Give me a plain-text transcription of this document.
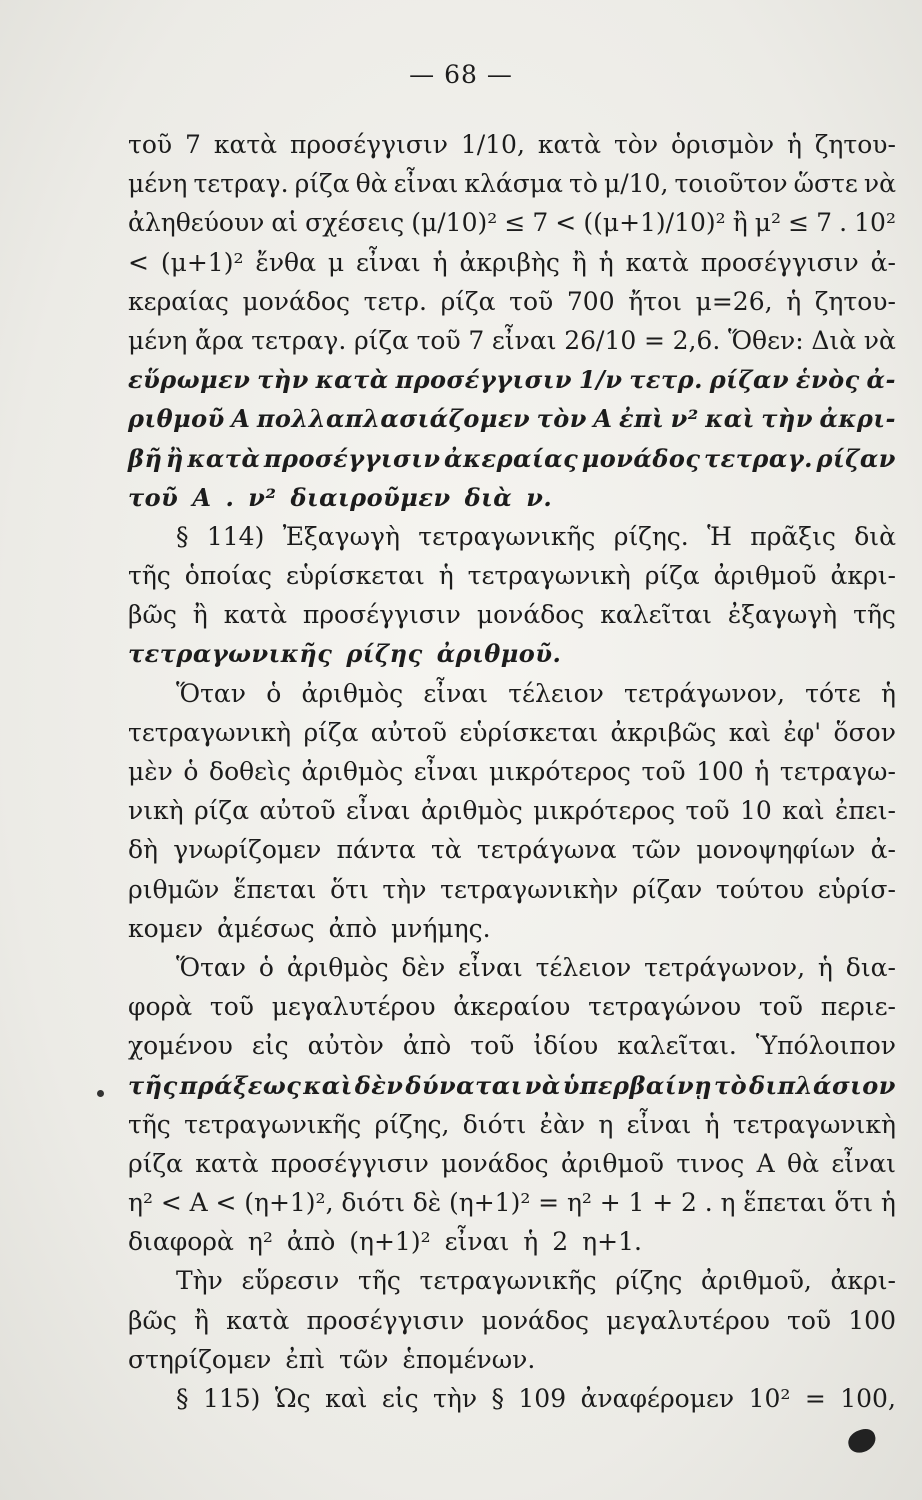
— 68 —
τοῦ 7 κατὰ προσέγγισιν 1/10, κατὰ τὸν ὁρισμὸν ἡ ζητου-
μένη τετραγ. ρίζα θὰ εἶναι κλάσμα τὸ μ/10, τοιοῦτον ὥστε νὰ
ἀληθεύουν αἱ σχέσεις (μ/10)² ≤ 7 < ((μ+1)/10)² ἢ μ² ≤ 7 . 10²
< (μ+1)² ἔνθα μ εἶναι ἡ ἀκριβὴς ἢ ἡ κατὰ προσέγγισιν ἀ-
κεραίας μονάδος τετρ. ρίζα τοῦ 700 ἤτοι μ=26, ἡ ζητου-
μένη ἄρα τετραγ. ρίζα τοῦ 7 εἶναι 26/10 = 2,6. Ὅθεν: Διὰ νὰ
εὕρωμεν τὴν κατὰ προσέγγισιν 1/ν τετρ. ρίζαν ἑνὸς ἀ-
ριθμοῦ Α πολλαπλασιάζομεν τὸν Α ἐπὶ ν² καὶ τὴν ἀκρι-
βῆ ἢ κατὰ προσέγγισιν ἀκεραίας μονάδος τετραγ. ρίζαν
τοῦ Α . ν² διαιροῦμεν διὰ ν.
§ 114) Ἐξαγωγὴ τετραγωνικῆς ρίζης. Ἡ πρᾶξις διὰ
τῆς ὁποίας εὑρίσκεται ἡ τετραγωνικὴ ρίζα ἀριθμοῦ ἀκρι-
βῶς ἢ κατὰ προσέγγισιν μονάδος καλεῖται ἐξαγωγὴ τῆς
τετραγωνικῆς ρίζης ἀριθμοῦ.
Ὅταν ὁ ἀριθμὸς εἶναι τέλειον τετράγωνον, τότε ἡ
τετραγωνικὴ ρίζα αὐτοῦ εὑρίσκεται ἀκριβῶς καὶ ἐφ' ὅσον
μὲν ὁ δοθεὶς ἀριθμὸς εἶναι μικρότερος τοῦ 100 ἡ τετραγω-
νικὴ ρίζα αὐτοῦ εἶναι ἀριθμὸς μικρότερος τοῦ 10 καὶ ἐπει-
δὴ γνωρίζομεν πάντα τὰ τετράγωνα τῶν μονοψηφίων ἀ-
ριθμῶν ἕπεται ὅτι τὴν τετραγωνικὴν ρίζαν τούτου εὑρίσ-
κομεν ἀμέσως ἀπὸ μνήμης.
Ὅταν ὁ ἀριθμὸς δὲν εἶναι τέλειον τετράγωνον, ἡ δια-
φορὰ τοῦ μεγαλυτέρου ἀκεραίου τετραγώνου τοῦ περιε-
χομένου εἰς αὐτὸν ἀπὸ τοῦ ἰδίου καλεῖται. Ὑπόλοιπον
τῆς πράξεως καὶ δὲν δύναται νὰ ὑπερβαίνῃ τὸ διπλάσιον
τῆς τετραγωνικῆς ρίζης, διότι ἐὰν η εἶναι ἡ τετραγωνικὴ
ρίζα κατὰ προσέγγισιν μονάδος ἀριθμοῦ τινος Α θὰ εἶναι
η² < Α < (η+1)², διότι δὲ (η+1)² = η² + 1 + 2 . η ἕπεται ὅτι ἡ
διαφορὰ η² ἀπὸ (η+1)² εἶναι ἡ 2 η+1.
Τὴν εὕρεσιν τῆς τετραγωνικῆς ρίζης ἀριθμοῦ, ἀκρι-
βῶς ἢ κατὰ προσέγγισιν μονάδος μεγαλυτέρου τοῦ 100
στηρίζομεν ἐπὶ τῶν ἑπομένων.
§ 115) Ὡς καὶ εἰς τὴν § 109 ἀναφέρομεν 10² = 100,
